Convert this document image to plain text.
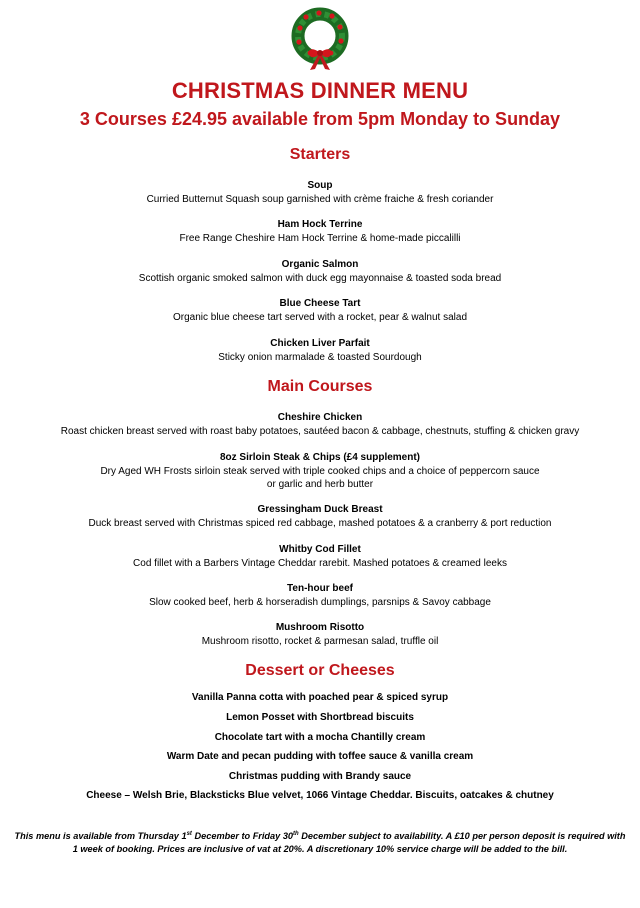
CHRISTMAS DINNER MENU
3 Courses £24.95 available from 5pm Monday to Sunday
Starters
Soup
Curried Butternut Squash soup garnished with crème fraiche & fresh coriander
Ham Hock Terrine
Free Range Cheshire Ham Hock Terrine & home-made piccalilli
Organic Salmon
Scottish organic smoked salmon with duck egg mayonnaise & toasted soda bread
Blue Cheese Tart
Organic blue cheese tart served with a rocket, pear & walnut salad
Chicken Liver Parfait
Sticky onion marmalade & toasted Sourdough
Main Courses
Cheshire Chicken
Roast chicken breast served with roast baby potatoes, sautéed bacon & cabbage, chestnuts, stuffing & chicken gravy
8oz Sirloin Steak & Chips (£4 supplement)
Dry Aged WH Frosts sirloin steak served with triple cooked chips and a choice of peppercorn sauce
or garlic and herb butter
Gressingham Duck Breast
Duck breast served with Christmas spiced red cabbage, mashed potatoes & a cranberry & port reduction
Whitby Cod Fillet
Cod fillet with a Barbers Vintage Cheddar rarebit. Mashed potatoes & creamed leeks
Ten-hour beef
Slow cooked beef, herb & horseradish dumplings, parsnips & Savoy cabbage
Mushroom Risotto
Mushroom risotto, rocket & parmesan salad, truffle oil
Dessert or Cheeses
Vanilla Panna cotta with poached pear & spiced syrup
Lemon Posset with Shortbread biscuits
Chocolate tart with a mocha Chantilly cream
Warm Date and pecan pudding with toffee sauce & vanilla cream
Christmas pudding with Brandy sauce
Cheese – Welsh Brie, Blacksticks Blue velvet, 1066 Vintage Cheddar. Biscuits, oatcakes & chutney
This menu is available from Thursday 1st December to Friday 30th December subject to availability. A £10 per person deposit is required with
1 week of booking. Prices are inclusive of vat at 20%. A discretionary 10% service charge will be added to the bill.
